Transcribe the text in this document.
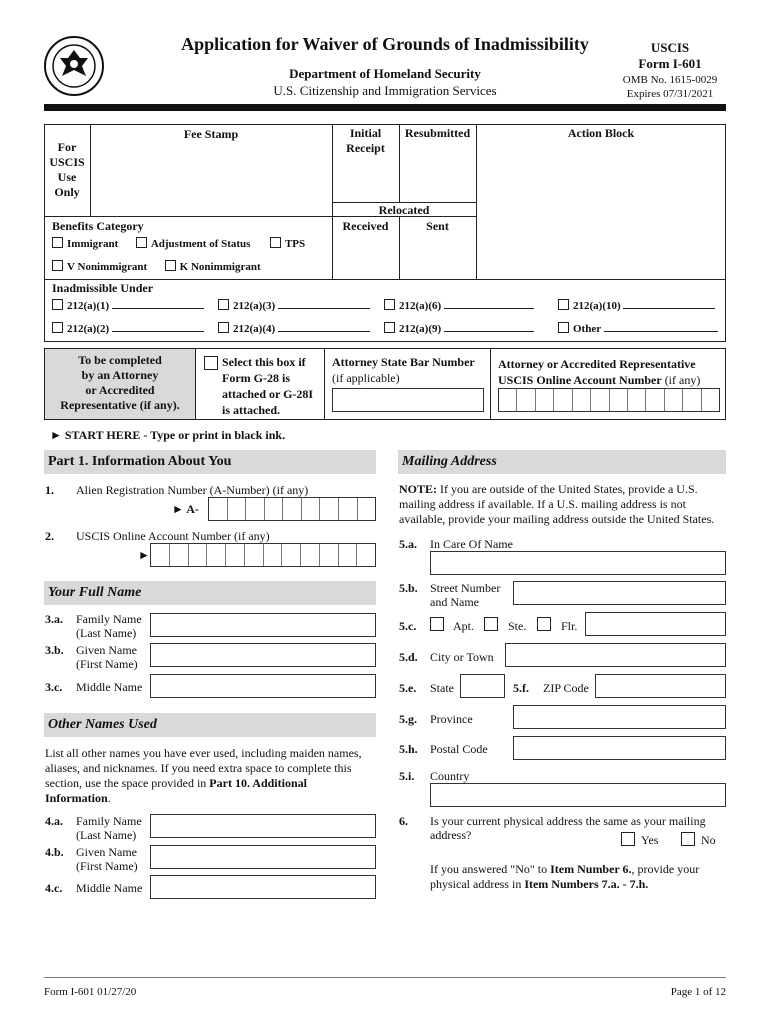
Application for Waiver of Grounds of Inadmissibility
Department of Homeland Security
U.S. Citizenship and Immigration Services
USCIS
Form I-601
OMB No. 1615-0029
Expires 07/31/2021
For
USCIS
Use
Only
Fee Stamp	Initial
Receipt
Resubmitted	Action Block
Relocated
Received	Sent
Benefits Category
Immigrant	Adjustment of Status	TPS
V Nonimmigrant	K Nonimmigrant
Inadmissible Under
212(a)(1)	212(a)(3)	212(a)(6)	212(a)(10)
212(a)(2)	212(a)(4)	212(a)(9)	Other
To be completed
by an Attorney
or Accredited
Representative (if any).
Select this box if
Form G-28 is
attached or G-28I
is attached.
Attorney State Bar Number
(if applicable)
Attorney or Accredited Representative
USCIS Online Account Number (if any)
► START HERE - Type or print in black ink.
Part 1. Information About You
1. Alien Registration Number (A-Number) (if any)
► A-
2. USCIS Online Account Number (if any)
►
Your Full Name
3.a. Family Name
(Last Name)
3.b. Given Name
(First Name)
3.c. Middle Name
Other Names Used
List all other names you have ever used, including maiden names,
aliases, and nicknames. If you need extra space to complete this
section, use the space provided in Part 10. Additional
Information.
4.a. Family Name
(Last Name)
4.b. Given Name
(First Name)
4.c. Middle Name
Mailing Address
NOTE: If you are outside of the United States, provide a U.S.
mailing address if available. If a U.S. mailing address is not
available, provide your mailing address outside the United States.
5.a. In Care Of Name
5.b. Street Number
and Name
5.c.	Apt.	Ste.	Flr.
5.d. City or Town
5.e. State	5.f. ZIP Code
5.g. Province
5.h. Postal Code
5.i. Country
6. Is your current physical address the same as your mailing
address?	Yes	No
If you answered "No" to Item Number 6., provide your
physical address in Item Numbers 7.a. - 7.h.
Form I-601 01/27/20	Page 1 of 12
